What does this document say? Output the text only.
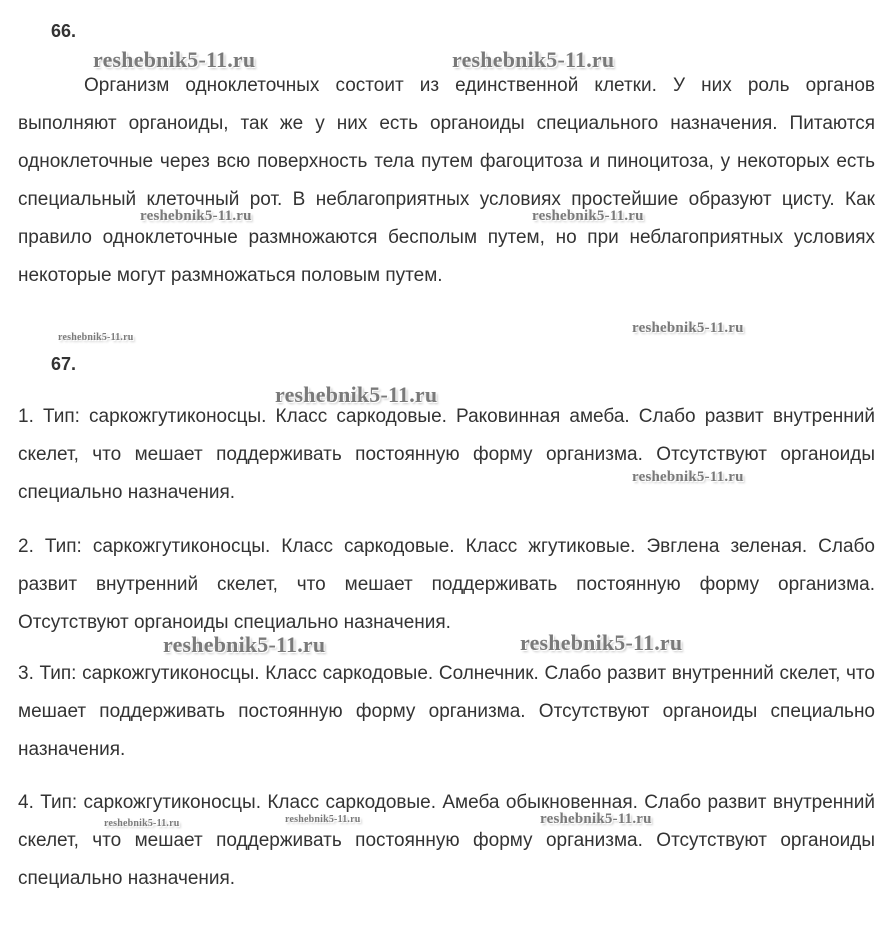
66.

Организм одноклеточных состоит из единственной клетки. У них роль органов выполняют органоиды, так же у них есть органоиды специального назначения. Питаются одноклеточные через всю поверхность тела путем фагоцитоза и пиноцитоза, у некоторых есть специальный клеточный рот. В неблагоприятных условиях простейшие образуют цисту. Как правило одноклеточные размножаются бесполым путем, но при неблагоприятных условиях некоторые могут размножаться половым путем.

67.

1. Тип: саркожгутиконосцы. Класс саркодовые. Раковинная амеба. Слабо развит внутренний скелет, что мешает поддерживать постоянную форму организма. Отсутствуют органоиды специально назначения.

2. Тип: саркожгутиконосцы. Класс саркодовые. Класс жгутиковые. Эвглена зеленая. Слабо развит внутренний скелет, что мешает поддерживать постоянную форму организма. Отсутствуют органоиды специально назначения.

3. Тип: саркожгутиконосцы. Класс саркодовые. Солнечник. Слабо развит внутренний скелет, что мешает поддерживать постоянную форму организма. Отсутствуют органоиды специально назначения.

4. Тип: саркожгутиконосцы. Класс саркодовые. Амеба обыкновенная. Слабо развит внутренний скелет, что мешает поддерживать постоянную форму организма. Отсутствуют органоиды специально назначения.

reshebnik5-11.ru	reshebnik5-11.ru
reshebnik5-11.ru	reshebnik5-11.ru
reshebnik5-11.ru
reshebnik5-11.ru
reshebnik5-11.ru
reshebnik5-11.ru
reshebnik5-11.ru	reshebnik5-11.ru
reshebnik5-11.ru	reshebnik5-11.ru	reshebnik5-11.ru
